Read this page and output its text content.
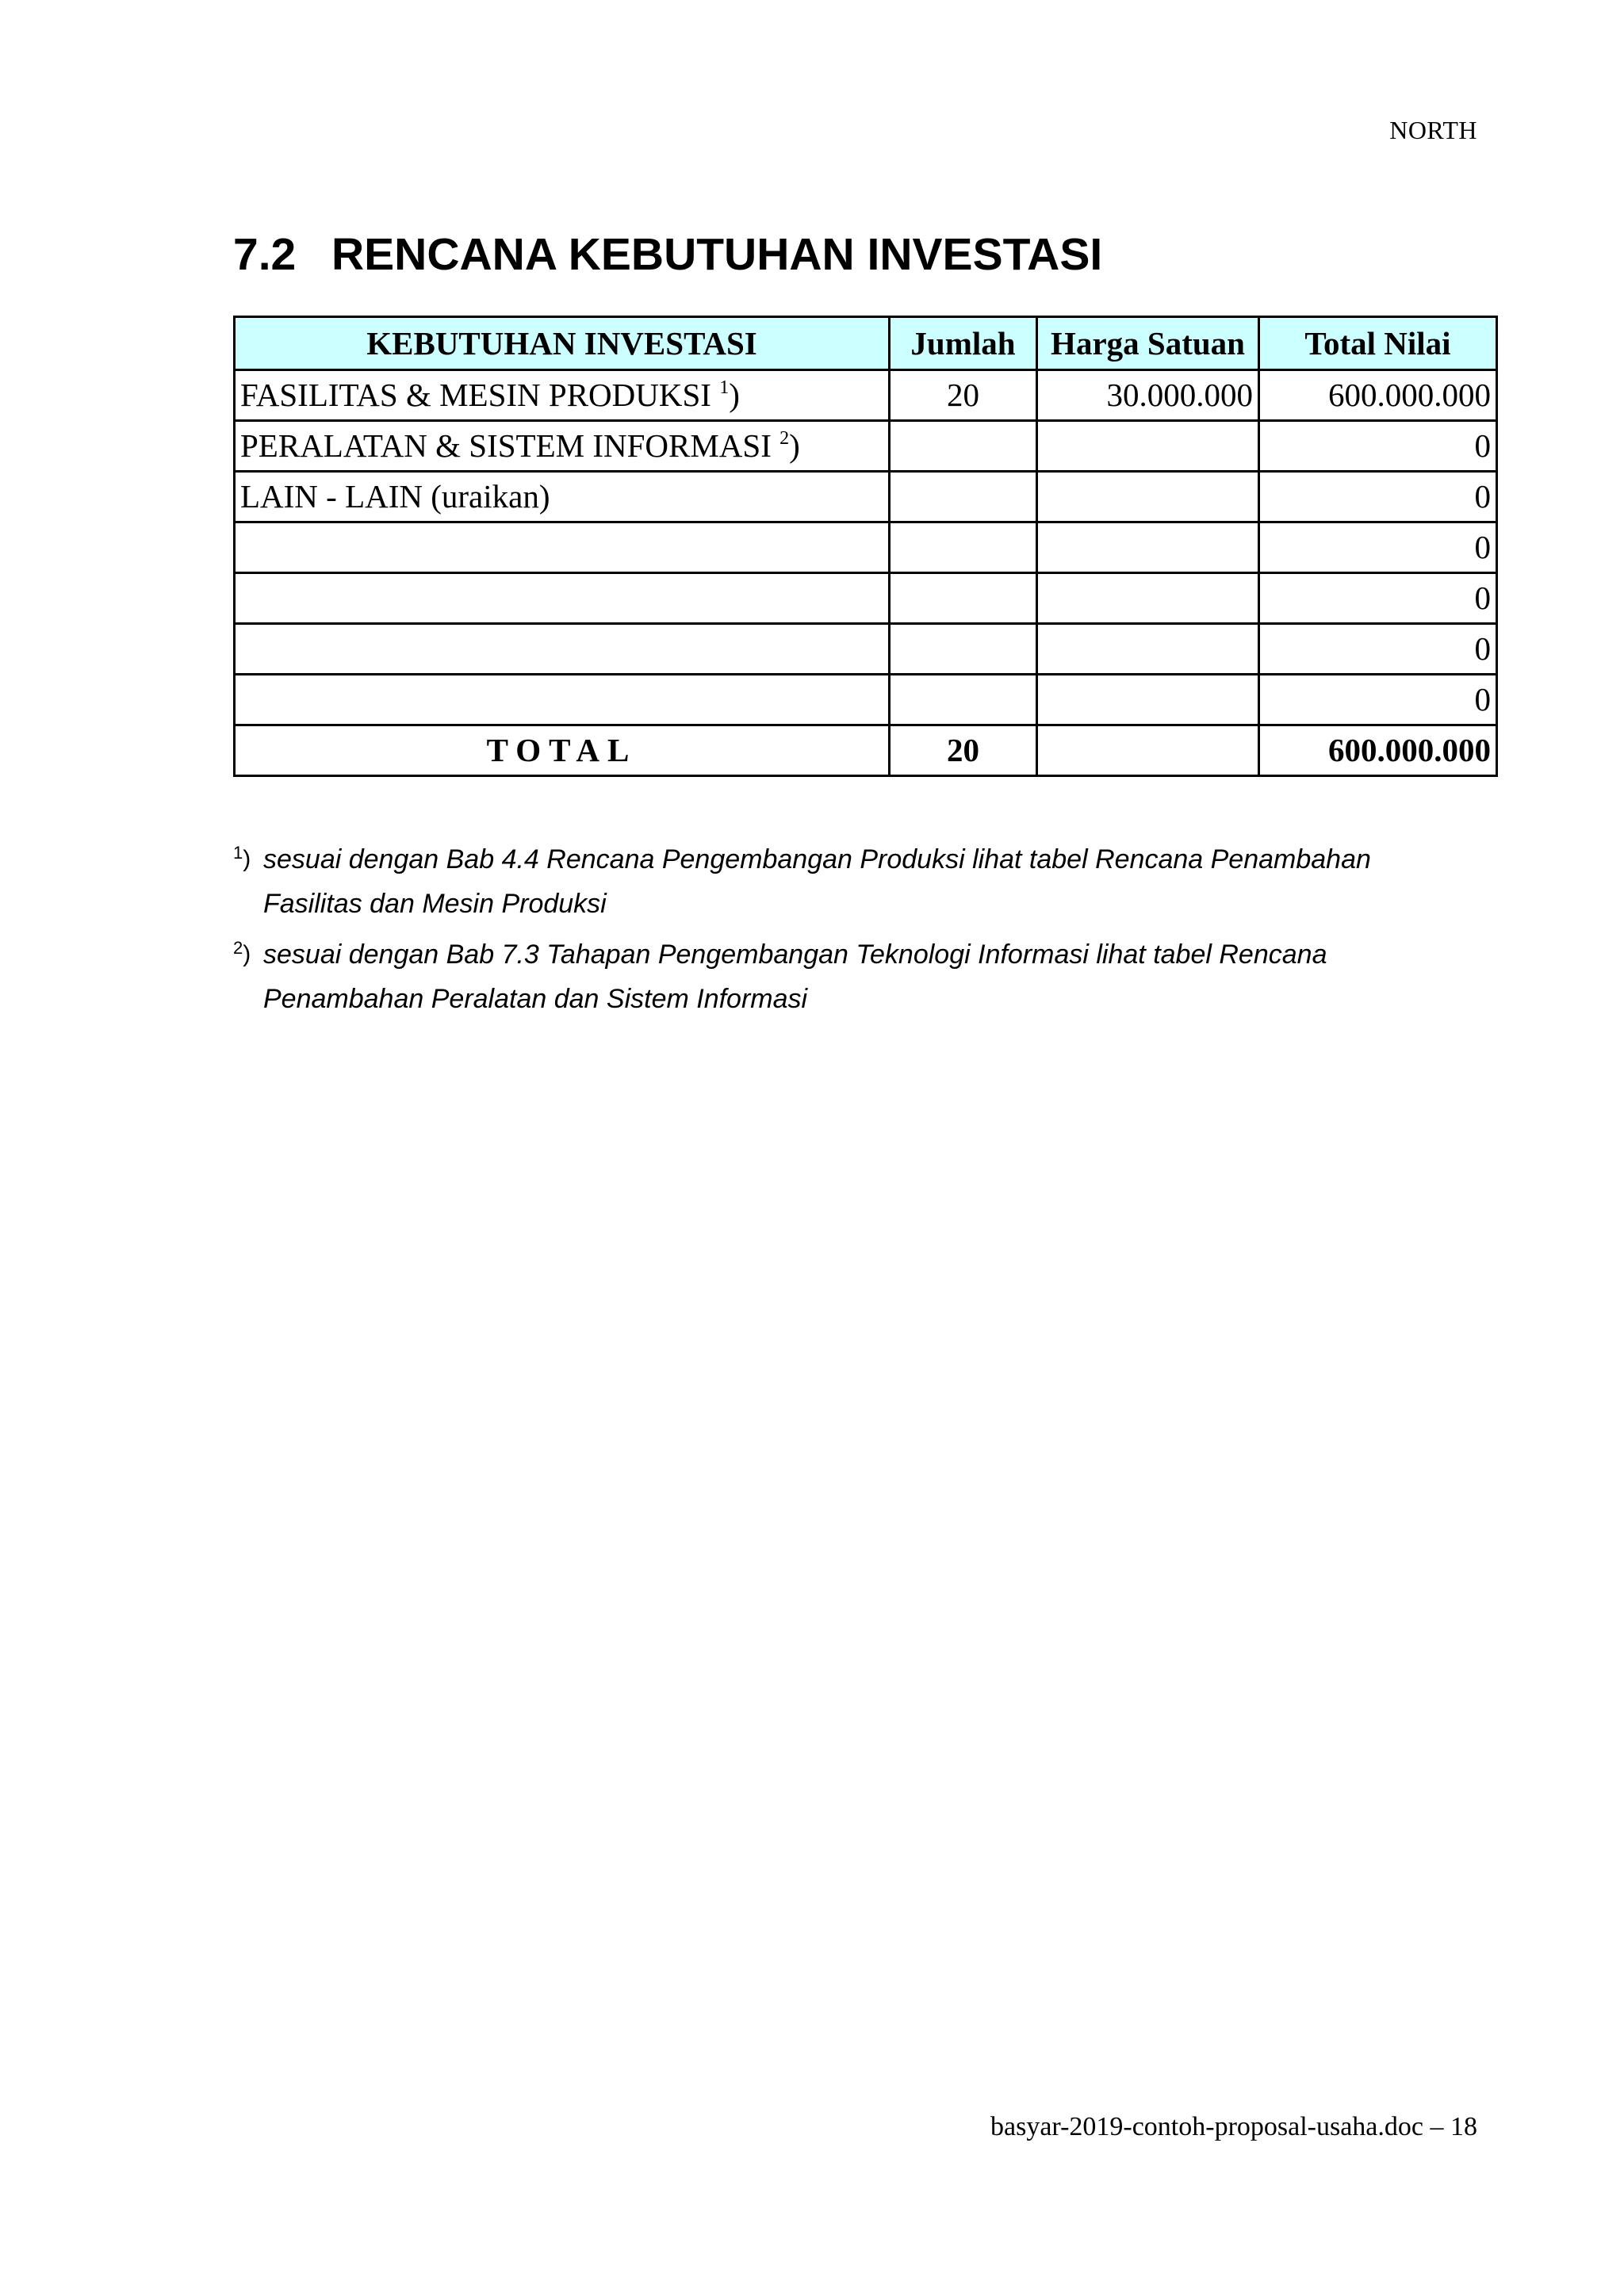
NORTH
7.2 RENCANA KEBUTUHAN INVESTASI
KEBUTUHAN INVESTASI	Jumlah	Harga Satuan	Total Nilai
FASILITAS & MESIN PRODUKSI $^1$)	20	30.000.000	600.000.000
PERALATAN & SISTEM INFORMASI $^2$)			0
LAIN - LAIN (uraikan)			0
			0
			0
			0
			0
TOTAL	20		600.000.000
$^1$) sesuai dengan Bab 4.4 Rencana Pengembangan Produksi lihat tabel Rencana Penambahan Fasilitas dan Mesin Produksi
$^2$) sesuai dengan Bab 7.3 Tahapan Pengembangan Teknologi Informasi lihat tabel Rencana Penambahan Peralatan dan Sistem Informasi
basyar-2019-contoh-proposal-usaha.doc – 18
